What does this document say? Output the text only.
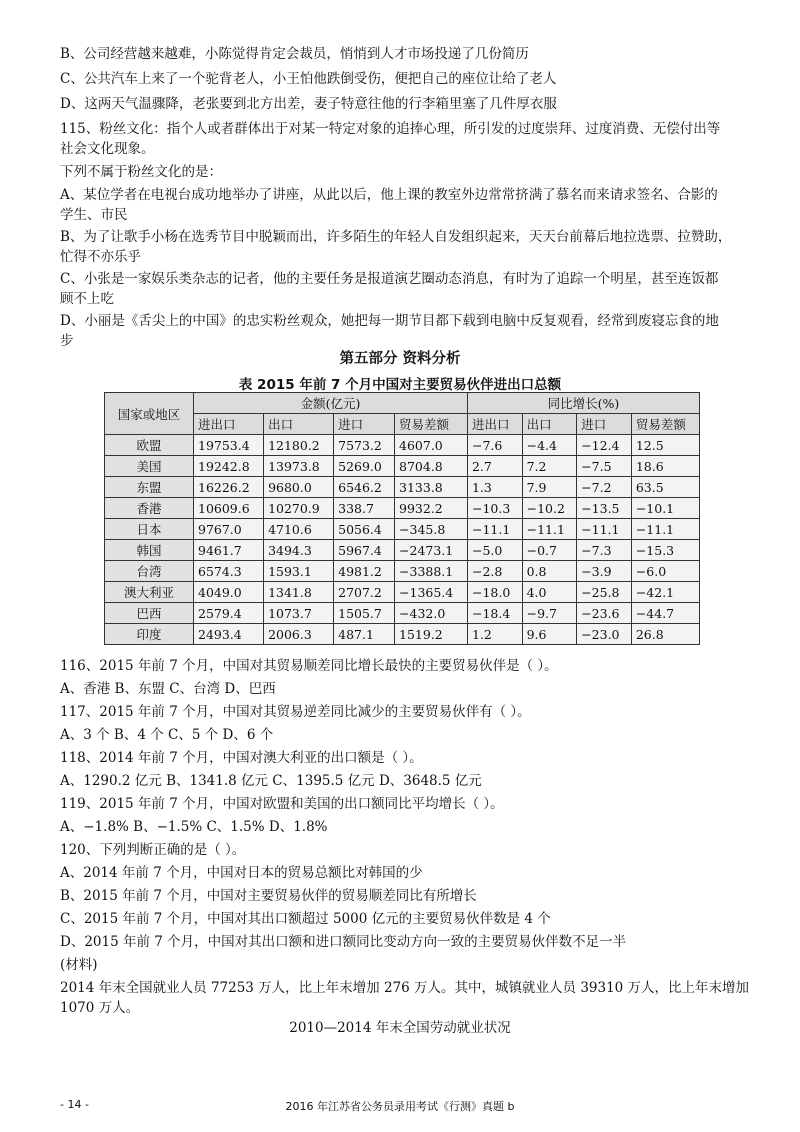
B、公司经营越来越难，小陈觉得肯定会裁员，悄悄到人才市场投递了几份简历
C、公共汽车上来了一个驼背老人，小王怕他跌倒受伤，便把自己的座位让给了老人
D、这两天气温骤降，老张要到北方出差，妻子特意往他的行李箱里塞了几件厚衣服
115、粉丝文化：指个人或者群体出于对某一特定对象的追捧心理，所引发的过度崇拜、过度消费、无偿付出等
社会文化现象。
下列不属于粉丝文化的是：
A、某位学者在电视台成功地举办了讲座，从此以后，他上课的教室外边常常挤满了慕名而来请求签名、合影的
学生、市民
B、为了让歌手小杨在选秀节目中脱颖而出，许多陌生的年轻人自发组织起来，天天台前幕后地拉选票、拉赞助，
忙得不亦乐乎
C、小张是一家娱乐类杂志的记者，他的主要任务是报道演艺圈动态消息，有时为了追踪一个明星，甚至连饭都
顾不上吃
D、小丽是《舌尖上的中国》的忠实粉丝观众，她把每一期节目都下载到电脑中反复观看，经常到废寝忘食的地
步
第五部分 资料分析
表 2015 年前 7 个月中国对主要贸易伙伴进出口总额
国家或地区	金额(亿元)				同比增长(%)			
	进出口	出口	进口	贸易差额	进出口	出口	进口	贸易差额
欧盟	19753.4	12180.2	7573.2	4607.0	−7.6	−4.4	−12.4	12.5
美国	19242.8	13973.8	5269.0	8704.8	2.7	7.2	−7.5	18.6
东盟	16226.2	9680.0	6546.2	3133.8	1.3	7.9	−7.2	63.5
香港	10609.6	10270.9	338.7	9932.2	−10.3	−10.2	−13.5	−10.1
日本	9767.0	4710.6	5056.4	−345.8	−11.1	−11.1	−11.1	−11.1
韩国	9461.7	3494.3	5967.4	−2473.1	−5.0	−0.7	−7.3	−15.3
台湾	6574.3	1593.1	4981.2	−3388.1	−2.8	0.8	−3.9	−6.0
澳大利亚	4049.0	1341.8	2707.2	−1365.4	−18.0	4.0	−25.8	−42.1
巴西	2579.4	1073.7	1505.7	−432.0	−18.4	−9.7	−23.6	−44.7
印度	2493.4	2006.3	487.1	1519.2	1.2	9.6	−23.0	26.8
116、2015 年前 7 个月，中国对其贸易顺差同比增长最快的主要贸易伙伴是（ ）。
A、香港 B、东盟 C、台湾 D、巴西
117、2015 年前 7 个月，中国对其贸易逆差同比减少的主要贸易伙伴有（ ）。
A、3 个 B、4 个 C、5 个 D、6 个
118、2014 年前 7 个月，中国对澳大利亚的出口额是（ ）。
A、1290.2 亿元 B、1341.8 亿元 C、1395.5 亿元 D、3648.5 亿元
119、2015 年前 7 个月，中国对欧盟和美国的出口额同比平均增长（ ）。
A、−1.8% B、−1.5% C、1.5% D、1.8%
120、下列判断正确的是（ ）。
A、2014 年前 7 个月，中国对日本的贸易总额比对韩国的少
B、2015 年前 7 个月，中国对主要贸易伙伴的贸易顺差同比有所增长
C、2015 年前 7 个月，中国对其出口额超过 5000 亿元的主要贸易伙伴数是 4 个
D、2015 年前 7 个月，中国对其出口额和进口额同比变动方向一致的主要贸易伙伴数不足一半
(材料)
2014 年末全国就业人员 77253 万人，比上年末增加 276 万人。其中，城镇就业人员 39310 万人，比上年末增加
1070 万人。
2010—2014 年末全国劳动就业状况
- 14 -	2016 年江苏省公务员录用考试《行测》真题 b
